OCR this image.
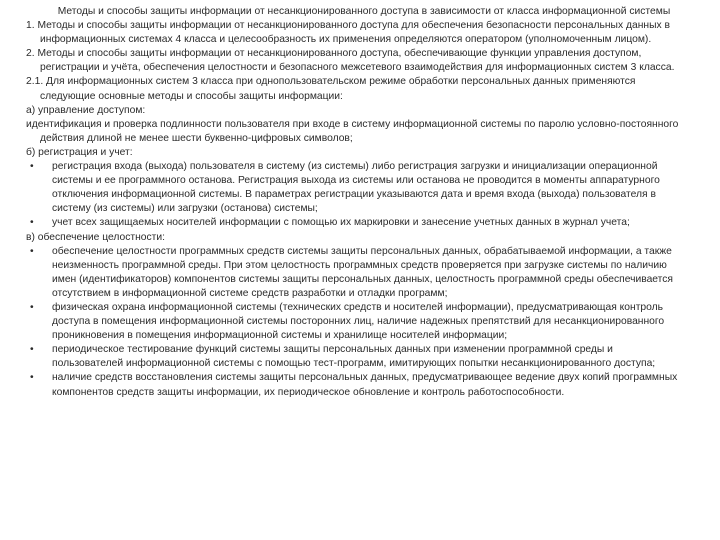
Методы и способы защиты информации от несанкционированного доступа в зависимости от класса информационной системы
1. Методы и способы защиты информации от несанкционированного доступа для обеспечения безопасности персональных данных в информационных системах 4 класса и целесообразность их применения определяются оператором (уполномоченным лицом).
2. Методы и способы защиты информации от несанкционированного доступа, обеспечивающие функции управления доступом, регистрации и учёта, обеспечения целостности и безопасного межсетевого взаимодействия для информационных систем 3 класса.
2.1. Для информационных систем 3 класса при однопользовательском режиме обработки персональных данных применяются следующие основные методы и способы защиты информации:
а) управление доступом:
идентификация и проверка подлинности пользователя при входе в систему информационной системы по паролю условно-постоянного действия длиной не менее шести буквенно-цифровых символов;
б) регистрация и учет:
• регистрация входа (выхода) пользователя в систему (из системы) либо регистрация загрузки и инициализации операционной системы и ее программного останова. Регистрация выхода из системы или останова не проводится в моменты аппаратурного отключения информационной системы. В параметрах регистрации указываются дата и время входа (выхода) пользователя в систему (из системы) или загрузки (останова) системы;
• учет всех защищаемых носителей информации с помощью их маркировки и занесение учетных данных в журнал учета;
в) обеспечение целостности:
• обеспечение целостности программных средств системы защиты персональных данных, обрабатываемой информации, а также неизменность программной среды. При этом целостность программных средств проверяется при загрузке системы по наличию имен (идентификаторов) компонентов системы защиты персональных данных, целостность программной среды обеспечивается отсутствием в информационной системе средств разработки и отладки программ;
• физическая охрана информационной системы (технических средств и носителей информации), предусматривающая контроль доступа в помещения информационной системы посторонних лиц, наличие надежных препятствий для несанкционированного проникновения в помещения информационной системы и хранилище носителей информации;
• периодическое тестирование функций системы защиты персональных данных при изменении программной среды и пользователей информационной системы с помощью тест-программ, имитирующих попытки несанкционированного доступа;
• наличие средств восстановления системы защиты персональных данных, предусматривающее ведение двух копий программных компонентов средств защиты информации, их периодическое обновление и контроль работоспособности.
